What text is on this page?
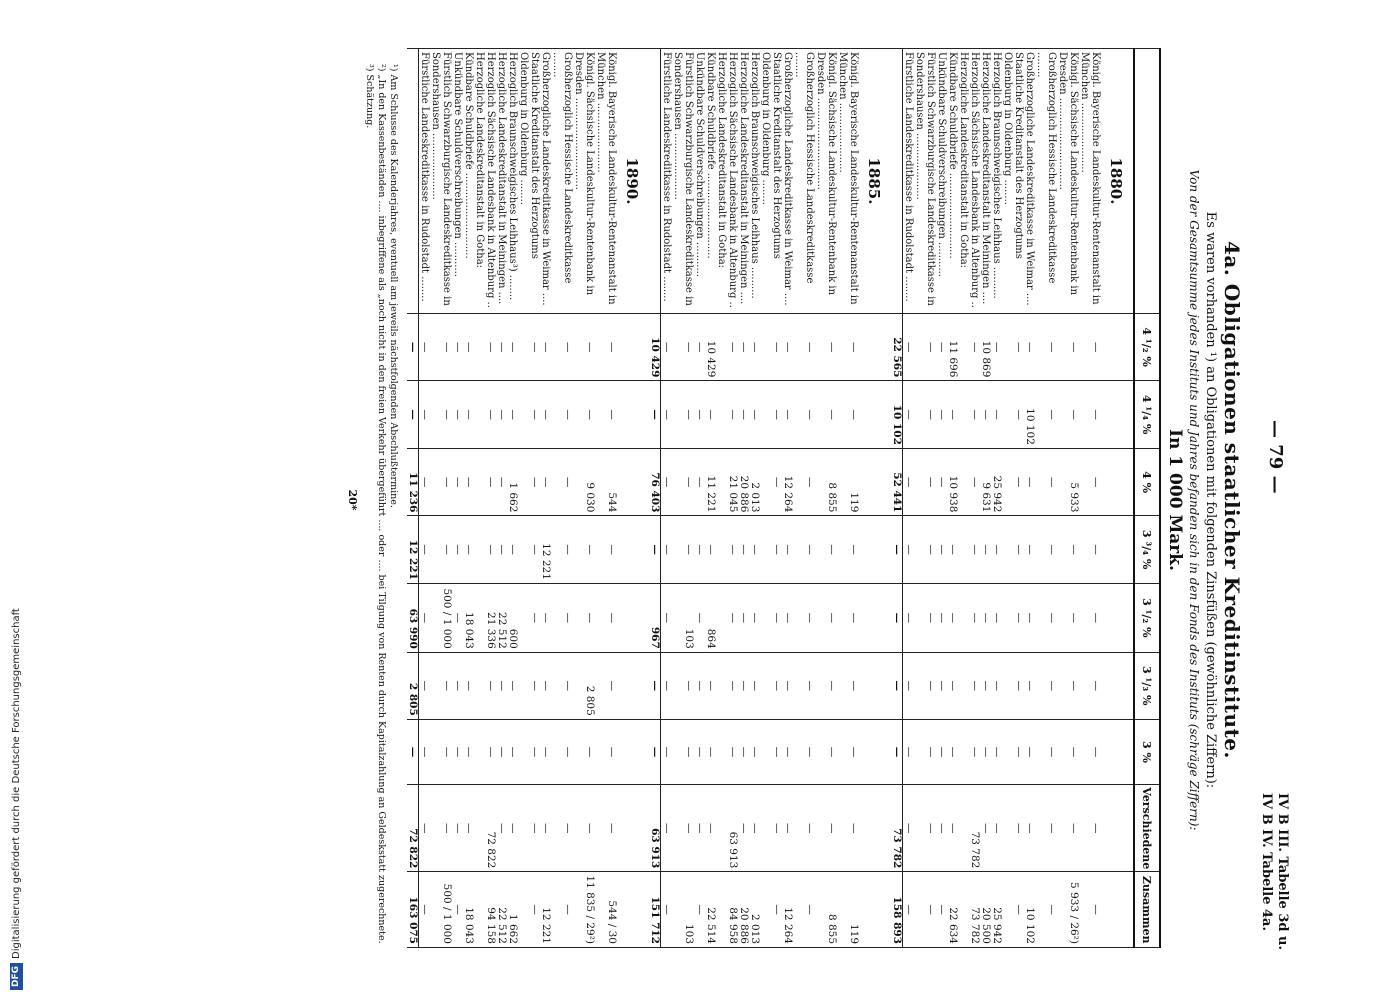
DFG
Digitalisierung gefördert durch die Deutsche Forschungsgemeinschaft
— 79 —
IV B III. Tabelle 3d u.
IV B IV. Tabelle 4a.
4a. Obligationen staatlicher Kreditinstitute.
Es waren vorhanden ¹) an Obligationen mit folgenden Zinsfüßen (gewöhnliche Ziffern):
Von der Gesamtsumme jedes Instituts und Jahres befanden sich in den Fonds des Instituts (schräge Ziffern):
In 1 000 Mark.
	4 ¹/₂ %	4 ¹/₄ %	4 %	3 ³/₄ %	3 ¹/₂ %	3 ¹/₃ %	3 %	Verschiedene	Zusammen
1880.									
Königl. Bayerische Landeskultur-Rentenanstalt in München ......................	—	—	—	—	—	—	—	—	—
Königl. Sächsische Landeskultur-Rentenbank in Dresden .............................	—	—	5 933	—	—	—	—	—	5 933 / 26²)
Großherzoglich Hessische Landeskreditkasse ........	—	—	—	—	—	—	—	—	—
Großherzogliche Landeskreditkasse in Weimar ....	—	10 102	—	—	—	—	—	—	10 102
Staatliche Kreditanstalt des Herzogtums Oldenburg in Oldenburg ........	—	—	—	—	—	—	—	—	—
Herzoglich Braunschweigisches Leihhaus ..........	—	—	25 942	—	—	—	—	—	25 942
Herzogliche Landeskreditanstalt in Meiningen ....	10 869	—	9 631	—	—	—	—	—	20 500
Herzoglich Sächsische Landesbank in Altenburg ..	—	—	—	—	—	—	—	73 782	73 782
Herzogliche Landeskreditanstalt in Gotha:									
Kündbare Schuldbriefe ...........................	11 696	—	10 938	—	—	—	—	—	22 634
Unkündbare Schuldverschreibungen ...........	—	—	—	—	—	—	—	—	—
Fürstlich Schwarzburgische Landeskreditkasse in Sondershausen .....................	—	—	—	—	—	—	—	—	—
Fürstliche Landeskreditkasse in Rudolstadt ........	—	—	—	—	—	—	—	—	—
	22 565	10 102	52 441	—	—	—	—	73 782	158 893
1885.									
Königl. Bayerische Landeskultur-Rentenanstalt in München ......................	—	—	119	—	—	—	—	—	119
Königl. Sächsische Landeskultur-Rentenbank in Dresden .............................	—	—	8 855	—	—	—	—	—	8 855
Großherzoglich Hessische Landeskreditkasse ........	—	—	—	—	—	—	—	—	—
Großherzogliche Landeskreditkasse in Weimar ....	—	—	12 264	—	—	—	—	—	12 264
Staatliche Kreditanstalt des Herzogtums Oldenburg in Oldenburg ........	—	—	—	—	—	—	—	—	—
Herzoglich Braunschweigisches Leihhaus ..........	—	—	2 013	—	—	—	—	—	2 013
Herzogliche Landeskreditanstalt in Meiningen ....	—	—	20 886	—	—	—	—	—	20 886
Herzoglich Sächsische Landesbank in Altenburg ..	—	—	21 045	—	—	—	—	63 913	84 958
Herzogliche Landeskreditanstalt in Gotha:									
Kündbare Schuldbriefe ...........................	10 429	—	11 221	—	864	—	—	—	22 514
Unkündbare Schuldverschreibungen ...........	—	—	—	—	—	—	—	—	—
Fürstlich Schwarzburgische Landeskreditkasse in Sondershausen .....................	—	—	—	—	103	—	—	—	103
Fürstliche Landeskreditkasse in Rudolstadt ........	—	—	—	—	—	—	—	—	—
	10 429	—	76 403	—	967	—	—	63 913	151 712
1890.									
Königl. Bayerische Landeskultur-Rentenanstalt in München ......................	—	—	544	—	—	—	—	—	544 / 30
Königl. Sächsische Landeskultur-Rentenbank in Dresden .............................	—	—	9 030	—	—	2 805	—	—	11 835 / 29²)
Großherzoglich Hessische Landeskreditkasse ........	—	—	—	—	—	—	—	—	—
Großherzogliche Landeskreditkasse in Weimar ....	—	—	—	12 221	—	—	—	—	12 221
Staatliche Kreditanstalt des Herzogtums Oldenburg in Oldenburg ........	—	—	—	—	—	—	—	—	—
Herzoglich Braunschweigisches Leihhaus³) ........	—	—	1 662	—	600	—	—	—	1 662
Herzogliche Landeskreditanstalt in Meiningen ....	—	—	—	—	22 512	—	—	—	22 512
Herzoglich Sächsische Landesbank in Altenburg ..	—	—	—	—	21 336	—	—	72 822	94 158
Herzogliche Landeskreditanstalt in Gotha:									
Kündbare Schuldbriefe ...........................	—	—	—	—	18 043	—	—	—	18 043
Unkündbare Schuldverschreibungen ...........	—	—	—	—	—	—	—	—	—
Fürstlich Schwarzburgische Landeskreditkasse in Sondershausen .....................	—	—	—	—	500 / 1 000	—	—	—	500 / 1 000
Fürstliche Landeskreditkasse in Rudolstadt ........	—	—	—	—	—	—	—	—	—
	—	—	11 236	12 221	63 990	2 805	—	72 822	163 075
¹) Am Schlusse des Kalenderjahres, eventuell am jeweils nächstfolgenden Abschlußtermine.
²) „In den Kassenbeständen .... inbegriffene als „noch nicht in den freien Verkehr übergeführt .... oder .... bei Tilgung von Renten durch Kapitalzahlung an Geldeskstatt zugerechnete.
³) Schätzung.
20*
